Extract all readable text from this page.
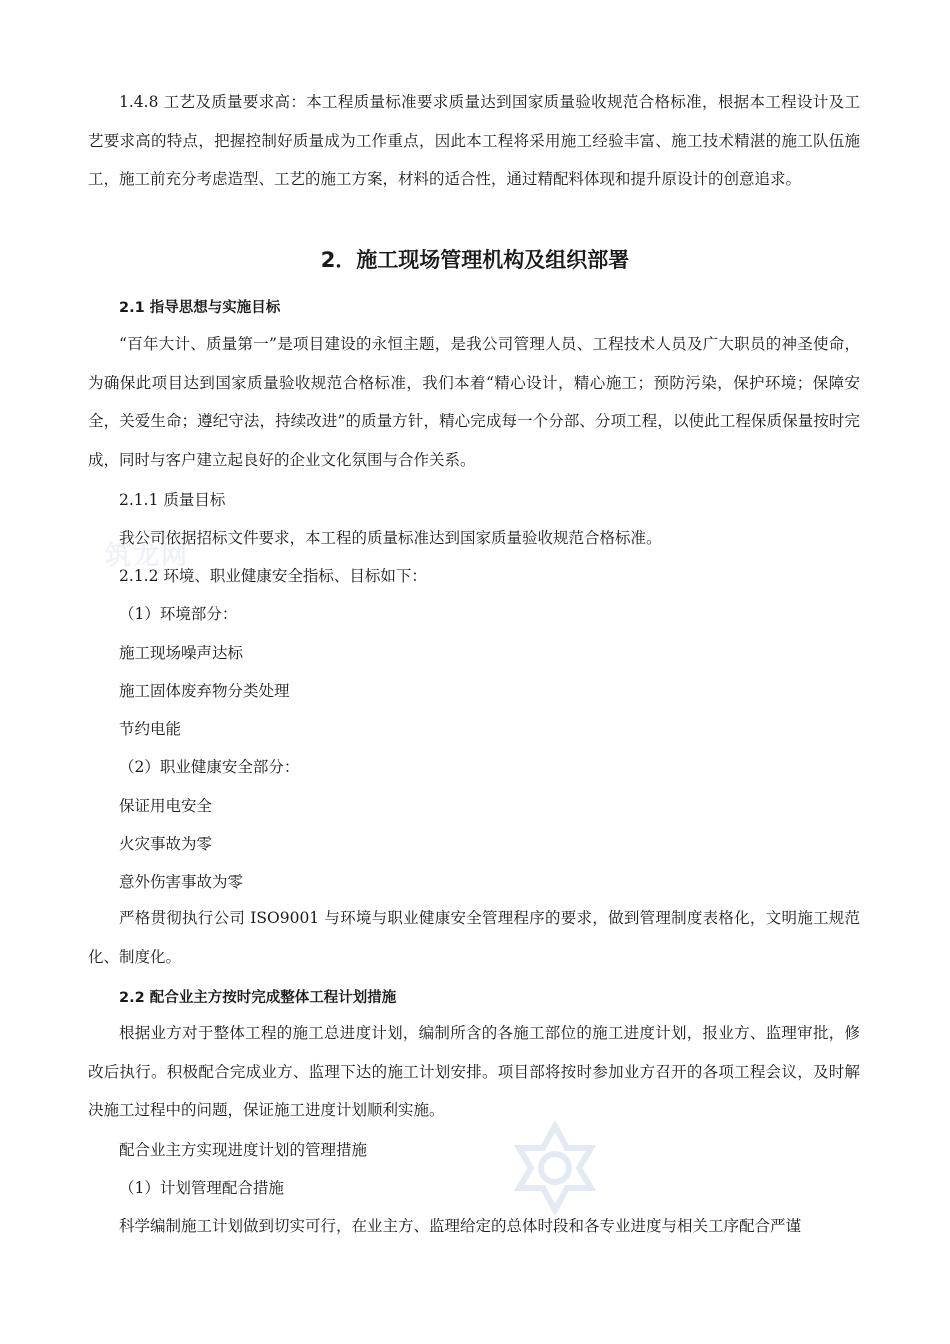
筑龙网

1.4.8 工艺及质量要求高：本工程质量标准要求质量达到国家质量验收规范合格标准，根据本工程设计及工艺要求高的特点，把握控制好质量成为工作重点，因此本工程将采用施工经验丰富、施工技术精湛的施工队伍施工，施工前充分考虑造型、工艺的施工方案，材料的适合性，通过精配料体现和提升原设计的创意追求。

2．施工现场管理机构及组织部署
2.1 指导思想与实施目标

“百年大计、质量第一”是项目建设的永恒主题，是我公司管理人员、工程技术人员及广大职员的神圣使命，为确保此项目达到国家质量验收规范合格标准，我们本着“精心设计，精心施工；预防污染，保护环境；保障安全，关爱生命；遵纪守法，持续改进”的质量方针，精心完成每一个分部、分项工程，以使此工程保质保量按时完成，同时与客户建立起良好的企业文化氛围与合作关系。

2.1.1 质量目标

我公司依据招标文件要求，本工程的质量标准达到国家质量验收规范合格标准。

2.1.2 环境、职业健康安全指标、目标如下：

（1）环境部分：

施工现场噪声达标

施工固体废弃物分类处理

节约电能

（2）职业健康安全部分：

保证用电安全

火灾事故为零

意外伤害事故为零

严格贯彻执行公司 ISO9001 与环境与职业健康安全管理程序的要求，做到管理制度表格化，文明施工规范化、制度化。

2.2 配合业主方按时完成整体工程计划措施

根据业方对于整体工程的施工总进度计划，编制所含的各施工部位的施工进度计划，报业方、监理审批，修改后执行。积极配合完成业方、监理下达的施工计划安排。项目部将按时参加业方召开的各项工程会议，及时解决施工过程中的问题，保证施工进度计划顺利实施。

配合业主方实现进度计划的管理措施

（1）计划管理配合措施

科学编制施工计划做到切实可行，在业主方、监理给定的总体时段和各专业进度与相关工序配合严谨
